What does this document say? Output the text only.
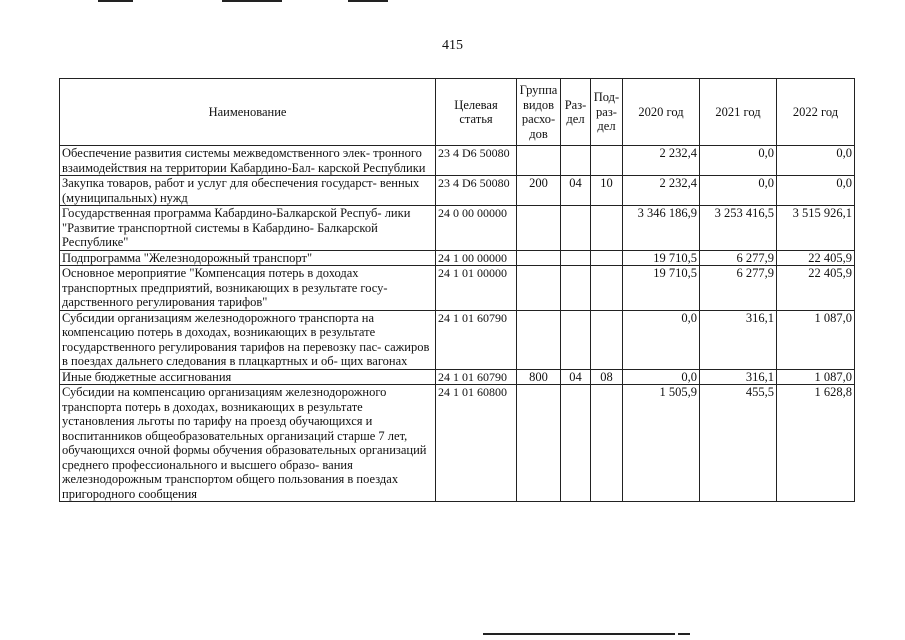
415
Наименование	Целевая статья	Группа видов расхо- дов	Раз- дел	Под- раз- дел	2020 год	2021 год	2022 год
Обеспечение развития системы межведомственного элек- тронного взаимодействия на территории Кабардино-Бал- карской Республики	23 4 D6 50080				2 232,4	0,0	0,0
Закупка товаров, работ и услуг для обеспечения государст- венных (муниципальных) нужд	23 4 D6 50080	200	04	10	2 232,4	0,0	0,0
Государственная программа Кабардино-Балкарской Респуб- лики "Развитие транспортной системы в Кабардино- Балкарской Республике"	24 0 00 00000				3 346 186,9	3 253 416,5	3 515 926,1
Подпрограмма "Железнодорожный транспорт"	24 1 00 00000				19 710,5	6 277,9	22 405,9
Основное мероприятие "Компенсация потерь в доходах транспортных предприятий, возникающих в результате госу- дарственного регулирования тарифов"	24 1 01 00000				19 710,5	6 277,9	22 405,9
Субсидии организациям железнодорожного транспорта на компенсацию потерь в доходах, возникающих в результате государственного регулирования тарифов на перевозку пас- сажиров в поездах дальнего следования в плацкартных и об- щих вагонах	24 1 01 60790				0,0	316,1	1 087,0
Иные бюджетные ассигнования	24 1 01 60790	800	04	08	0,0	316,1	1 087,0
Субсидии на компенсацию организациям железнодорожного транспорта потерь в доходах, возникающих в результате установления льготы по тарифу на проезд обучающихся и воспитанников общеобразовательных организаций старше 7 лет, обучающихся очной формы обучения образовательных организаций среднего профессионального и высшего образо- вания железнодорожным транспортом общего пользования в поездах пригородного сообщения	24 1 01 60800				1 505,9	455,5	1 628,8
